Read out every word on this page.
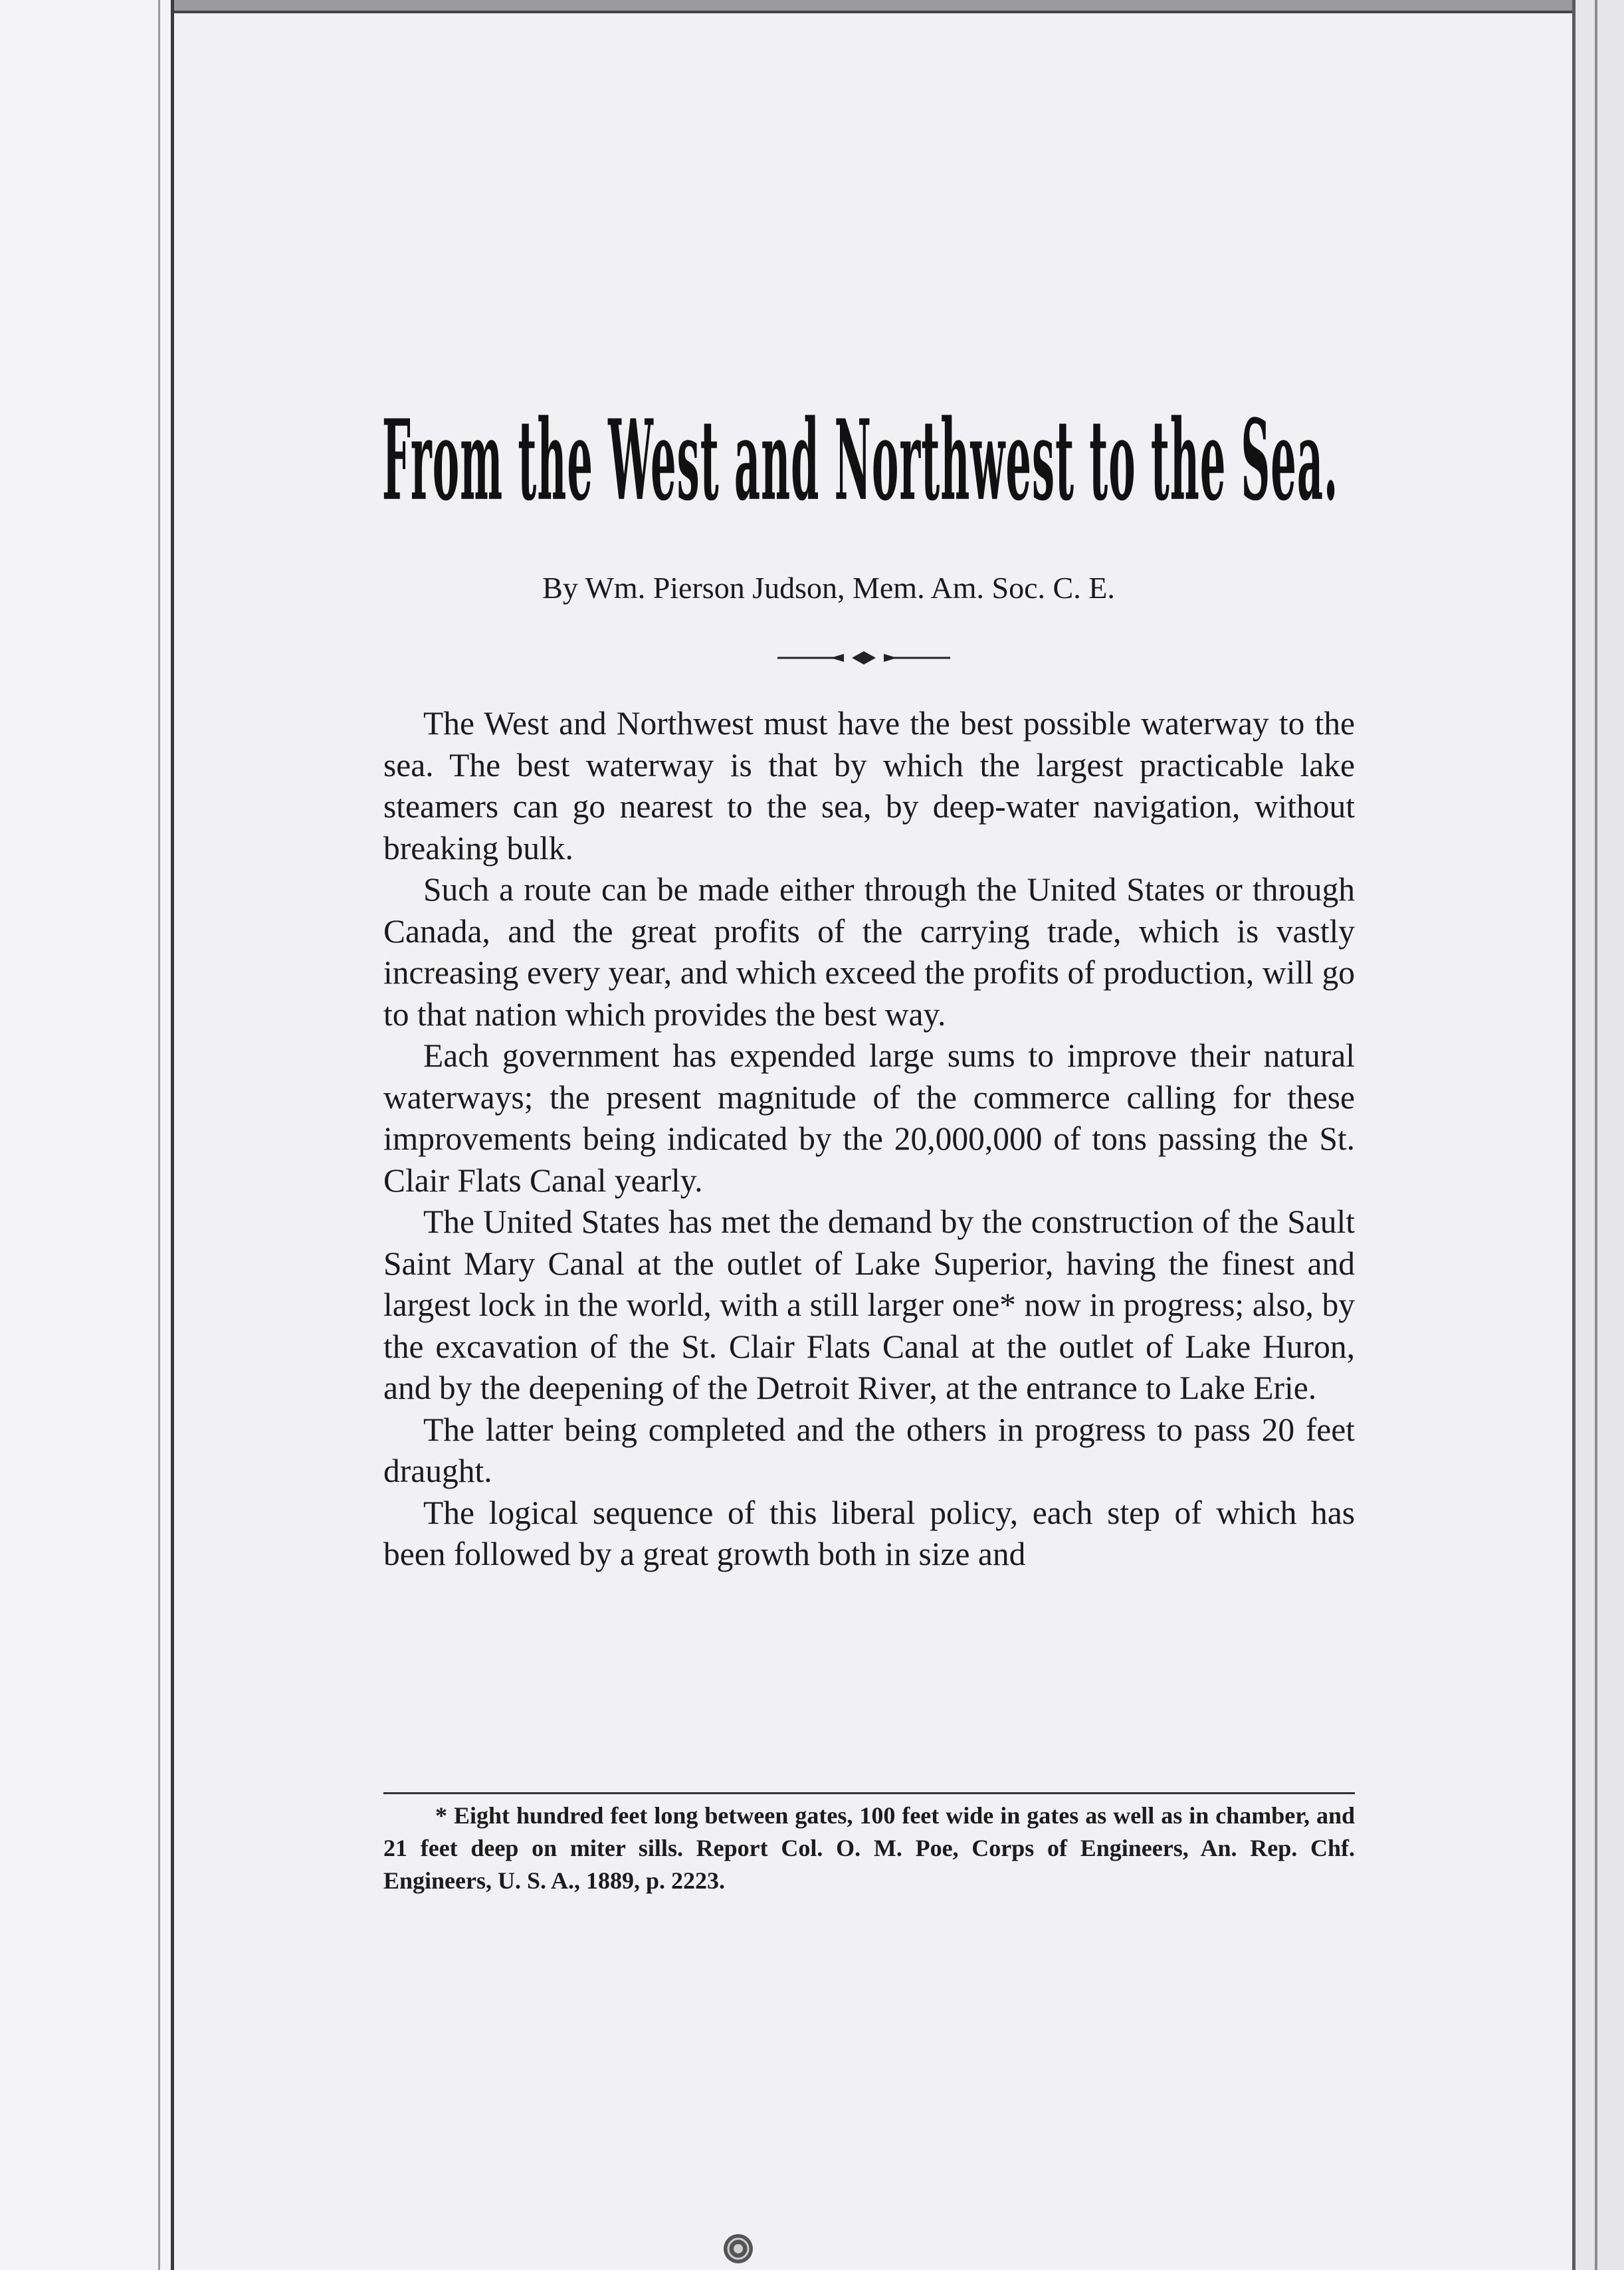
From the West and Northwest to the Sea.
By Wm. Pierson Judson, Mem. Am. Soc. C. E.

The West and Northwest must have the best possible waterway to the sea. The best waterway is that by which the largest practicable lake steamers can go nearest to the sea, by deep-water navigation, without breaking bulk.

Such a route can be made either through the United States or through Canada, and the great profits of the carrying trade, which is vastly increasing every year, and which exceed the profits of production, will go to that nation which provides the best way.

Each government has expended large sums to improve their natural waterways; the present magnitude of the commerce calling for these improvements being indicated by the 20,000,000 of tons passing the St. Clair Flats Canal yearly.

The United States has met the demand by the construction of the Sault Saint Mary Canal at the outlet of Lake Superior, having the finest and largest lock in the world, with a still larger one* now in progress; also, by the excavation of the St. Clair Flats Canal at the outlet of Lake Huron, and by the deepening of the Detroit River, at the entrance to Lake Erie.

The latter being completed and the others in progress to pass 20 feet draught.

The logical sequence of this liberal policy, each step of which has been followed by a great growth both in size and

* Eight hundred feet long between gates, 100 feet wide in gates as well as in chamber, and 21 feet deep on miter sills. Report Col. O. M. Poe, Corps of Engineers, An. Rep. Chf. Engineers, U. S. A., 1889, p. 2223.
